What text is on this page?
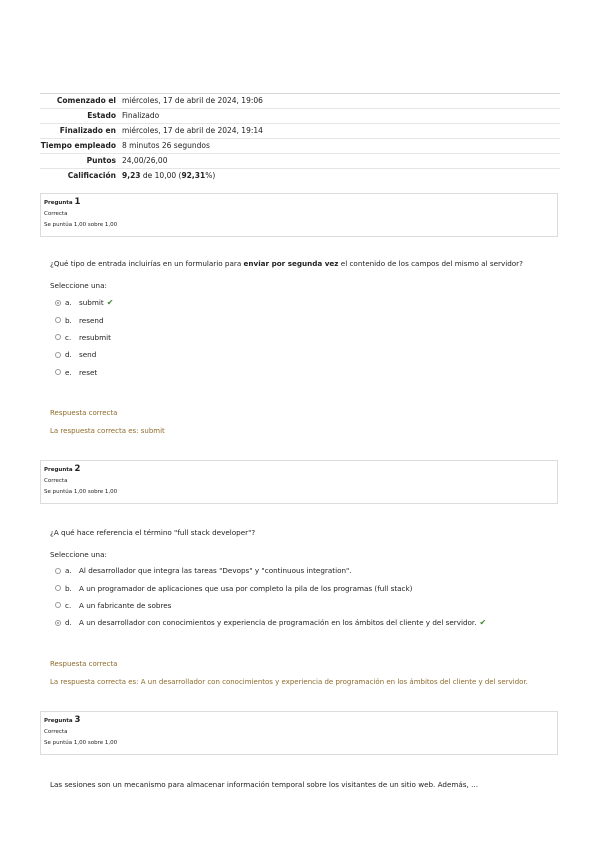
Comenzado el	miércoles, 17 de abril de 2024, 19:06
Estado	Finalizado
Finalizado en	miércoles, 17 de abril de 2024, 19:14
Tiempo empleado	8 minutos 26 segundos
Puntos	24,00/26,00
Calificación	9,23 de 10,00 (92,31%)
Pregunta 1
Correcta
Se puntúa 1,00 sobre 1,00
¿Qué tipo de entrada incluirías en un formulario para enviar por segunda vez el contenido de los campos del mismo al servidor?
Seleccione una:
a.	submit ✔
b. resend
c.	resubmit
d. send
e.	reset
Respuesta correcta
La respuesta correcta es: submit
Pregunta 2
Correcta
Se puntúa 1,00 sobre 1,00
¿A qué hace referencia el término "full stack developer"?
Seleccione una:
a.	Al desarrollador que integra las tareas "Devops" y "continuous integration".
b. A un programador de aplicaciones que usa por completo la pila de los programas (full stack)
c.	A un fabricante de sobres
d. A un desarrollador con conocimientos y experiencia de programación en los ámbitos del cliente y del servidor. ✔
Respuesta correcta
La respuesta correcta es: A un desarrollador con conocimientos y experiencia de programación en los ámbitos del cliente y del servidor.
Pregunta 3
Correcta
Se puntúa 1,00 sobre 1,00
Las sesiones son un mecanismo para almacenar información temporal sobre los visitantes de un sitio web. Además, ...
